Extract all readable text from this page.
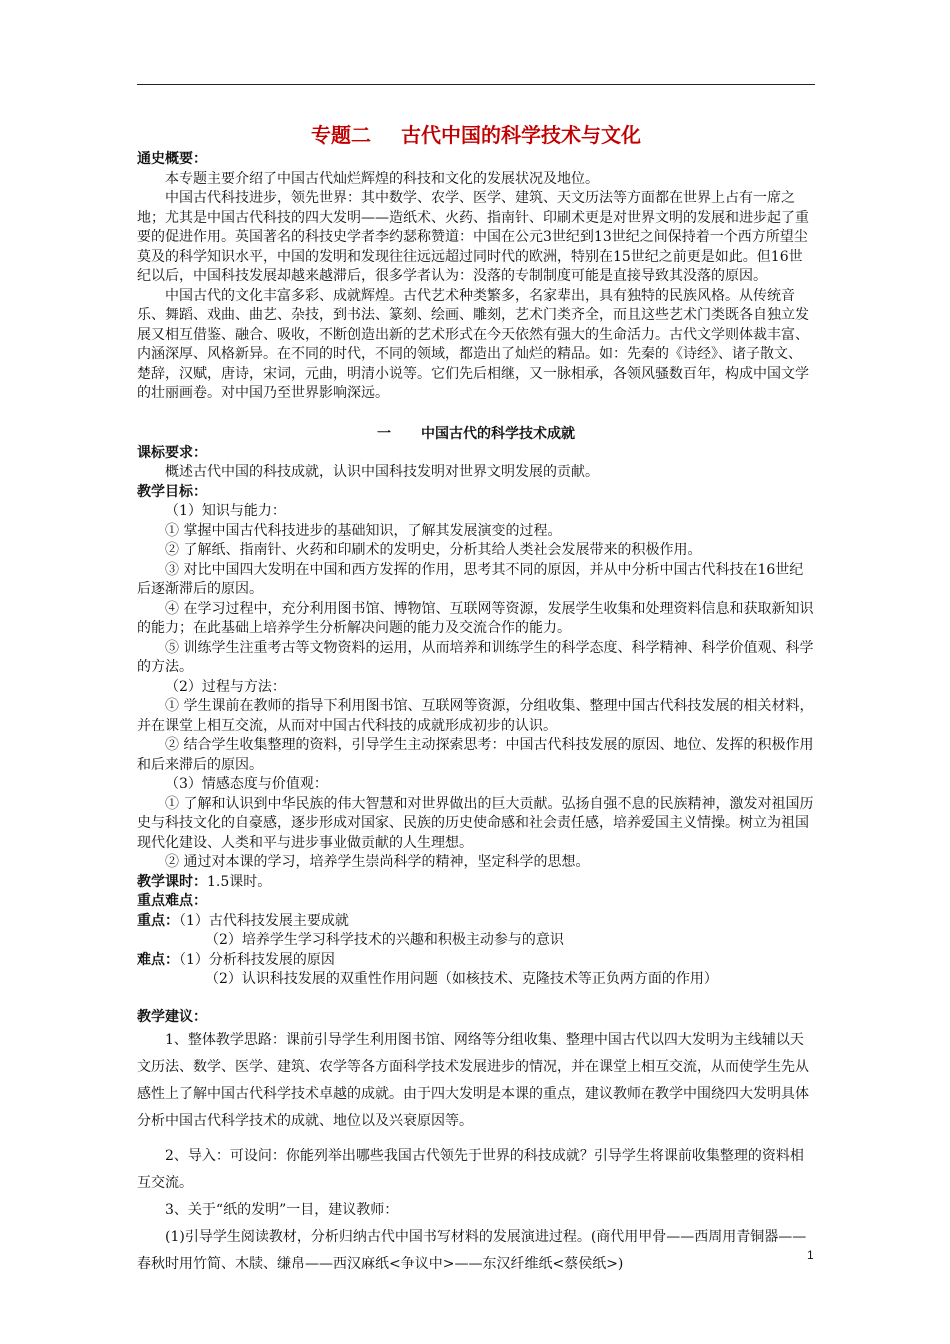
专题二 古代中国的科学技术与文化

通史概要：

本专题主要介绍了中国古代灿烂辉煌的科技和文化的发展状况及地位。

中国古代科技进步，领先世界：其中数学、农学、医学、建筑、天文历法等方面都在世界上占有一席之地；尤其是中国古代科技的四大发明——造纸术、火药、指南针、印刷术更是对世界文明的发展和进步起了重要的促进作用。英国著名的科技史学者李约瑟称赞道：中国在公元3世纪到13世纪之间保持着一个西方所望尘莫及的科学知识水平，中国的发明和发现往往远远超过同时代的欧洲，特别在15世纪之前更是如此。但16世纪以后，中国科技发展却越来越滞后，很多学者认为：没落的专制制度可能是直接导致其没落的原因。

中国古代的文化丰富多彩、成就辉煌。古代艺术种类繁多，名家辈出，具有独特的民族风格。从传统音乐、舞蹈、戏曲、曲艺、杂技，到书法、篆刻、绘画、雕刻，艺术门类齐全，而且这些艺术门类既各自独立发展又相互借鉴、融合、吸收，不断创造出新的艺术形式在今天依然有强大的生命活力。古代文学则体裁丰富、内涵深厚、风格新异。在不同的时代，不同的领域，都造出了灿烂的精品。如：先秦的《诗经》、诸子散文、楚辞，汉赋，唐诗，宋词，元曲，明清小说等。它们先后相继，又一脉相承，各领风骚数百年，构成中国文学的壮丽画卷。对中国乃至世界影响深远。

一 中国古代的科学技术成就

课标要求：

概述古代中国的科技成就，认识中国科技发明对世界文明发展的贡献。

教学目标：

（1）知识与能力：

① 掌握中国古代科技进步的基础知识，了解其发展演变的过程。

② 了解纸、指南针、火药和印刷术的发明史，分析其给人类社会发展带来的积极作用。

③ 对比中国四大发明在中国和西方发挥的作用，思考其不同的原因，并从中分析中国古代科技在16世纪后逐渐滞后的原因。

④ 在学习过程中，充分利用图书馆、博物馆、互联网等资源，发展学生收集和处理资料信息和获取新知识的能力；在此基础上培养学生分析解决问题的能力及交流合作的能力。

⑤ 训练学生注重考古等文物资料的运用，从而培养和训练学生的科学态度、科学精神、科学价值观、科学的方法。

（2）过程与方法：

① 学生课前在教师的指导下利用图书馆、互联网等资源，分组收集、整理中国古代科技发展的相关材料，并在课堂上相互交流，从而对中国古代科技的成就形成初步的认识。

② 结合学生收集整理的资料，引导学生主动探索思考：中国古代科技发展的原因、地位、发挥的积极作用和后来滞后的原因。

（3）情感态度与价值观：

① 了解和认识到中华民族的伟大智慧和对世界做出的巨大贡献。弘扬自强不息的民族精神，激发对祖国历史与科技文化的自豪感，逐步形成对国家、民族的历史使命感和社会责任感，培养爱国主义情操。树立为祖国现代化建设、人类和平与进步事业做贡献的人生理想。

② 通过对本课的学习，培养学生崇尚科学的精神，坚定科学的思想。

教学课时：1.5课时。

重点难点：

重点：（1）古代科技发展主要成就

（2）培养学生学习科学技术的兴趣和积极主动参与的意识

难点：（1）分析科技发展的原因

（2）认识科技发展的双重性作用问题（如核技术、克隆技术等正负两方面的作用）

教学建议：

1、整体教学思路：课前引导学生利用图书馆、网络等分组收集、整理中国古代以四大发明为主线辅以天文历法、数学、医学、建筑、农学等各方面科学技术发展进步的情况，并在课堂上相互交流，从而使学生先从感性上了解中国古代科学技术卓越的成就。由于四大发明是本课的重点，建议教师在教学中围绕四大发明具体分析中国古代科学技术的成就、地位以及兴衰原因等。

2、导入：可设问：你能列举出哪些我国古代领先于世界的科技成就？引导学生将课前收集整理的资料相互交流。

3、关于“纸的发明”一目，建议教师：

(1)引导学生阅读教材，分析归纳古代中国书写材料的发展演进过程。(商代用甲骨——西周用青铜器——春秋时用竹简、木牍、缣帛——西汉麻纸<争议中>——东汉纤维纸<蔡侯纸>)

1
